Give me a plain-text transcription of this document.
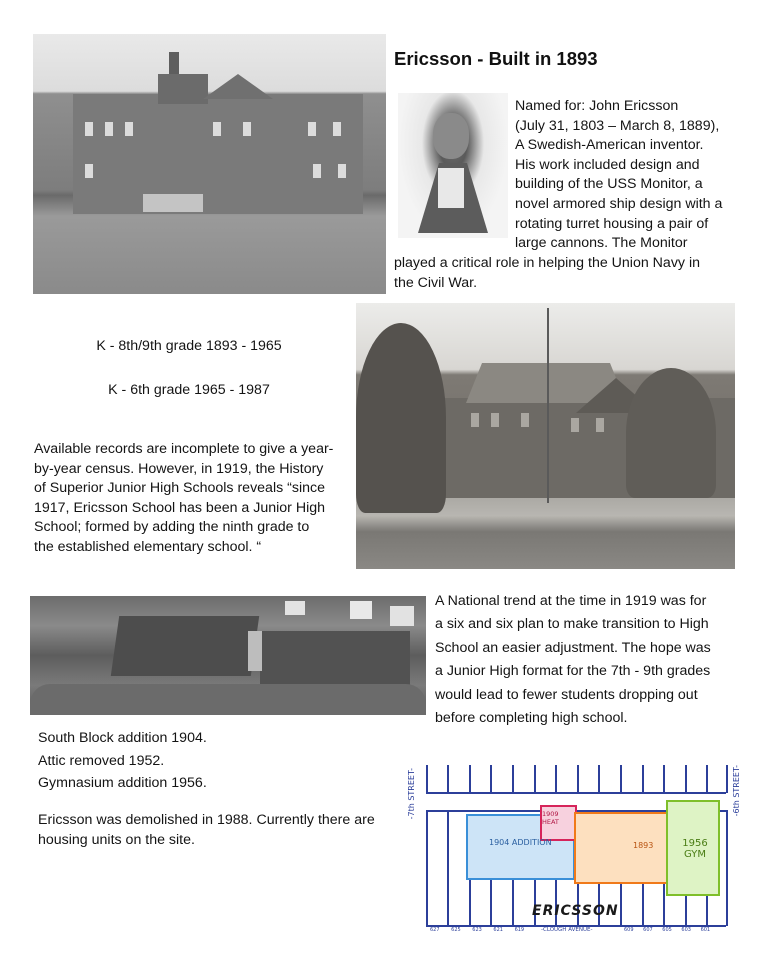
Ericsson - Built in 1893
Named for: John Ericsson
(July 31, 1803 – March 8, 1889),
A Swedish-American inventor.
His work included design and
building of the USS Monitor, a
novel armored ship design with a
rotating turret housing a pair of
large cannons. The Monitor
played a critical role in helping the Union Navy in
the Civil War.
K - 8th/9th grade 1893 - 1965
K - 6th grade 1965 - 1987
Available records are incomplete to give a year-
by-year census. However, in 1919, the History
of Superior Junior High Schools reveals “since
1917, Ericsson School has been a Junior High
School; formed by adding the ninth grade to
the established elementary school. “
A National trend at the time in 1919 was for
a six and six plan to make transition to High
School an easier adjustment. The hope was
a Junior High format for the 7th - 9th grades
would lead to fewer students dropping out
before completing high school.
South Block addition 1904.
Attic removed 1952.
Gymnasium addition 1956.
Ericsson was demolished in 1988. Currently there are
housing units on the site.	1904 ADDITION
1909 HEAT
1893	1956 GYM
-7th STREET-	-6th STREET-
ERICSSON
-CLOUGH AVENUE-
627 625 623 621 619	609 607 605 603 601
